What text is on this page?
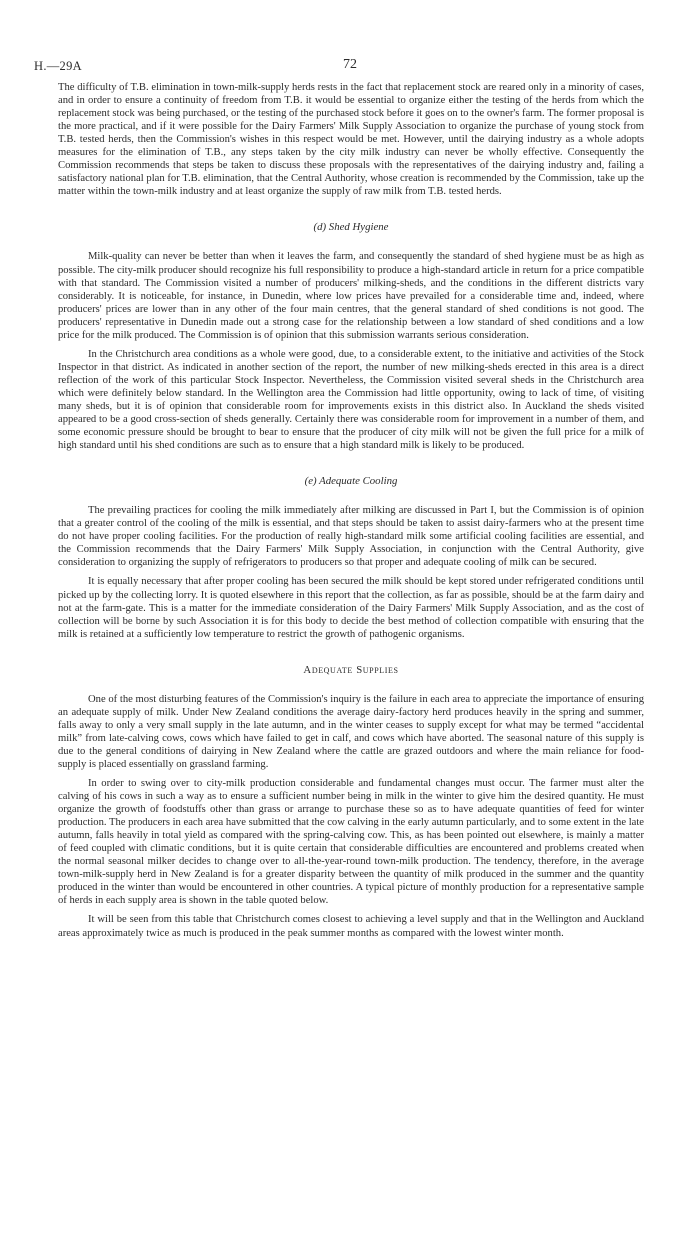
H.—29A	72

The difficulty of T.B. elimination in town-milk-supply herds rests in the fact that replacement stock are reared only in a minority of cases, and in order to ensure a continuity of freedom from T.B. it would be essential to organize either the testing of the herds from which the replacement stock was being purchased, or the testing of the purchased stock before it goes on to the owner's farm. The former proposal is the more practical, and if it were possible for the Dairy Farmers' Milk Supply Association to organize the purchase of young stock from T.B. tested herds, then the Commission's wishes in this respect would be met. However, until the dairying industry as a whole adopts measures for the elimination of T.B., any steps taken by the city milk industry can never be wholly effective. Consequently the Commission recommends that steps be taken to discuss these proposals with the representatives of the dairying industry and, failing a satisfactory national plan for T.B. elimination, that the Central Authority, whose creation is recommended by the Commission, take up the matter within the town-milk industry and at least organize the supply of raw milk from T.B. tested herds.

(d) Shed Hygiene

Milk-quality can never be better than when it leaves the farm, and consequently the standard of shed hygiene must be as high as possible. The city-milk producer should recognize his full responsibility to produce a high-standard article in return for a price compatible with that standard. The Commission visited a number of producers' milking-sheds, and the conditions in the different districts vary considerably. It is noticeable, for instance, in Dunedin, where low prices have prevailed for a considerable time and, indeed, where producers' prices are lower than in any other of the four main centres, that the general standard of shed conditions is not good. The producers' representative in Dunedin made out a strong case for the relationship between a low standard of shed conditions and a low price for the milk produced. The Commission is of opinion that this submission warrants serious consideration.

In the Christchurch area conditions as a whole were good, due, to a considerable extent, to the initiative and activities of the Stock Inspector in that district. As indicated in another section of the report, the number of new milking-sheds erected in this area is a direct reflection of the work of this particular Stock Inspector. Nevertheless, the Commission visited several sheds in the Christchurch area which were definitely below standard. In the Wellington area the Commission had little opportunity, owing to lack of time, of visiting many sheds, but it is of opinion that considerable room for improvements exists in this district also. In Auckland the sheds visited appeared to be a good cross-section of sheds generally. Certainly there was considerable room for improvement in a number of them, and some economic pressure should be brought to bear to ensure that the producer of city milk will not be given the full price for a milk of high standard until his shed conditions are such as to ensure that a high standard milk is likely to be produced.

(e) Adequate Cooling

The prevailing practices for cooling the milk immediately after milking are discussed in Part I, but the Commission is of opinion that a greater control of the cooling of the milk is essential, and that steps should be taken to assist dairy-farmers who at the present time do not have proper cooling facilities. For the production of really high-standard milk some artificial cooling facilities are essential, and the Commission recommends that the Dairy Farmers' Milk Supply Association, in conjunction with the Central Authority, give consideration to organizing the supply of refrigerators to producers so that proper and adequate cooling of milk can be secured.

It is equally necessary that after proper cooling has been secured the milk should be kept stored under refrigerated conditions until picked up by the collecting lorry. It is quoted elsewhere in this report that the collection, as far as possible, should be at the farm dairy and not at the farm-gate. This is a matter for the immediate consideration of the Dairy Farmers' Milk Supply Association, and as the cost of collection will be borne by such Association it is for this body to decide the best method of collection compatible with ensuring that the milk is retained at a sufficiently low temperature to restrict the growth of pathogenic organisms.

Adequate Supplies

One of the most disturbing features of the Commission's inquiry is the failure in each area to appreciate the importance of ensuring an adequate supply of milk. Under New Zealand conditions the average dairy-factory herd produces heavily in the spring and summer, falls away to only a very small supply in the late autumn, and in the winter ceases to supply except for what may be termed “accidental milk” from late-calving cows, cows which have failed to get in calf, and cows which have aborted. The seasonal nature of this supply is due to the general conditions of dairying in New Zealand where the cattle are grazed outdoors and where the main reliance for food-supply is placed essentially on grassland farming.

In order to swing over to city-milk production considerable and fundamental changes must occur. The farmer must alter the calving of his cows in such a way as to ensure a sufficient number being in milk in the winter to give him the desired quantity. He must organize the growth of foodstuffs other than grass or arrange to purchase these so as to have adequate quantities of feed for winter production. The producers in each area have submitted that the cow calving in the early autumn particularly, and to some extent in the late autumn, falls heavily in total yield as compared with the spring-calving cow. This, as has been pointed out elsewhere, is mainly a matter of feed coupled with climatic conditions, but it is quite certain that considerable difficulties are encountered and problems created when the normal seasonal milker decides to change over to all-the-year-round town-milk production. The tendency, therefore, in the average town-milk-supply herd in New Zealand is for a greater disparity between the quantity of milk produced in the summer and the quantity produced in the winter than would be encountered in other countries. A typical picture of monthly production for a representative sample of herds in each supply area is shown in the table quoted below.

It will be seen from this table that Christchurch comes closest to achieving a level supply and that in the Wellington and Auckland areas approximately twice as much is produced in the peak summer months as compared with the lowest winter month.
